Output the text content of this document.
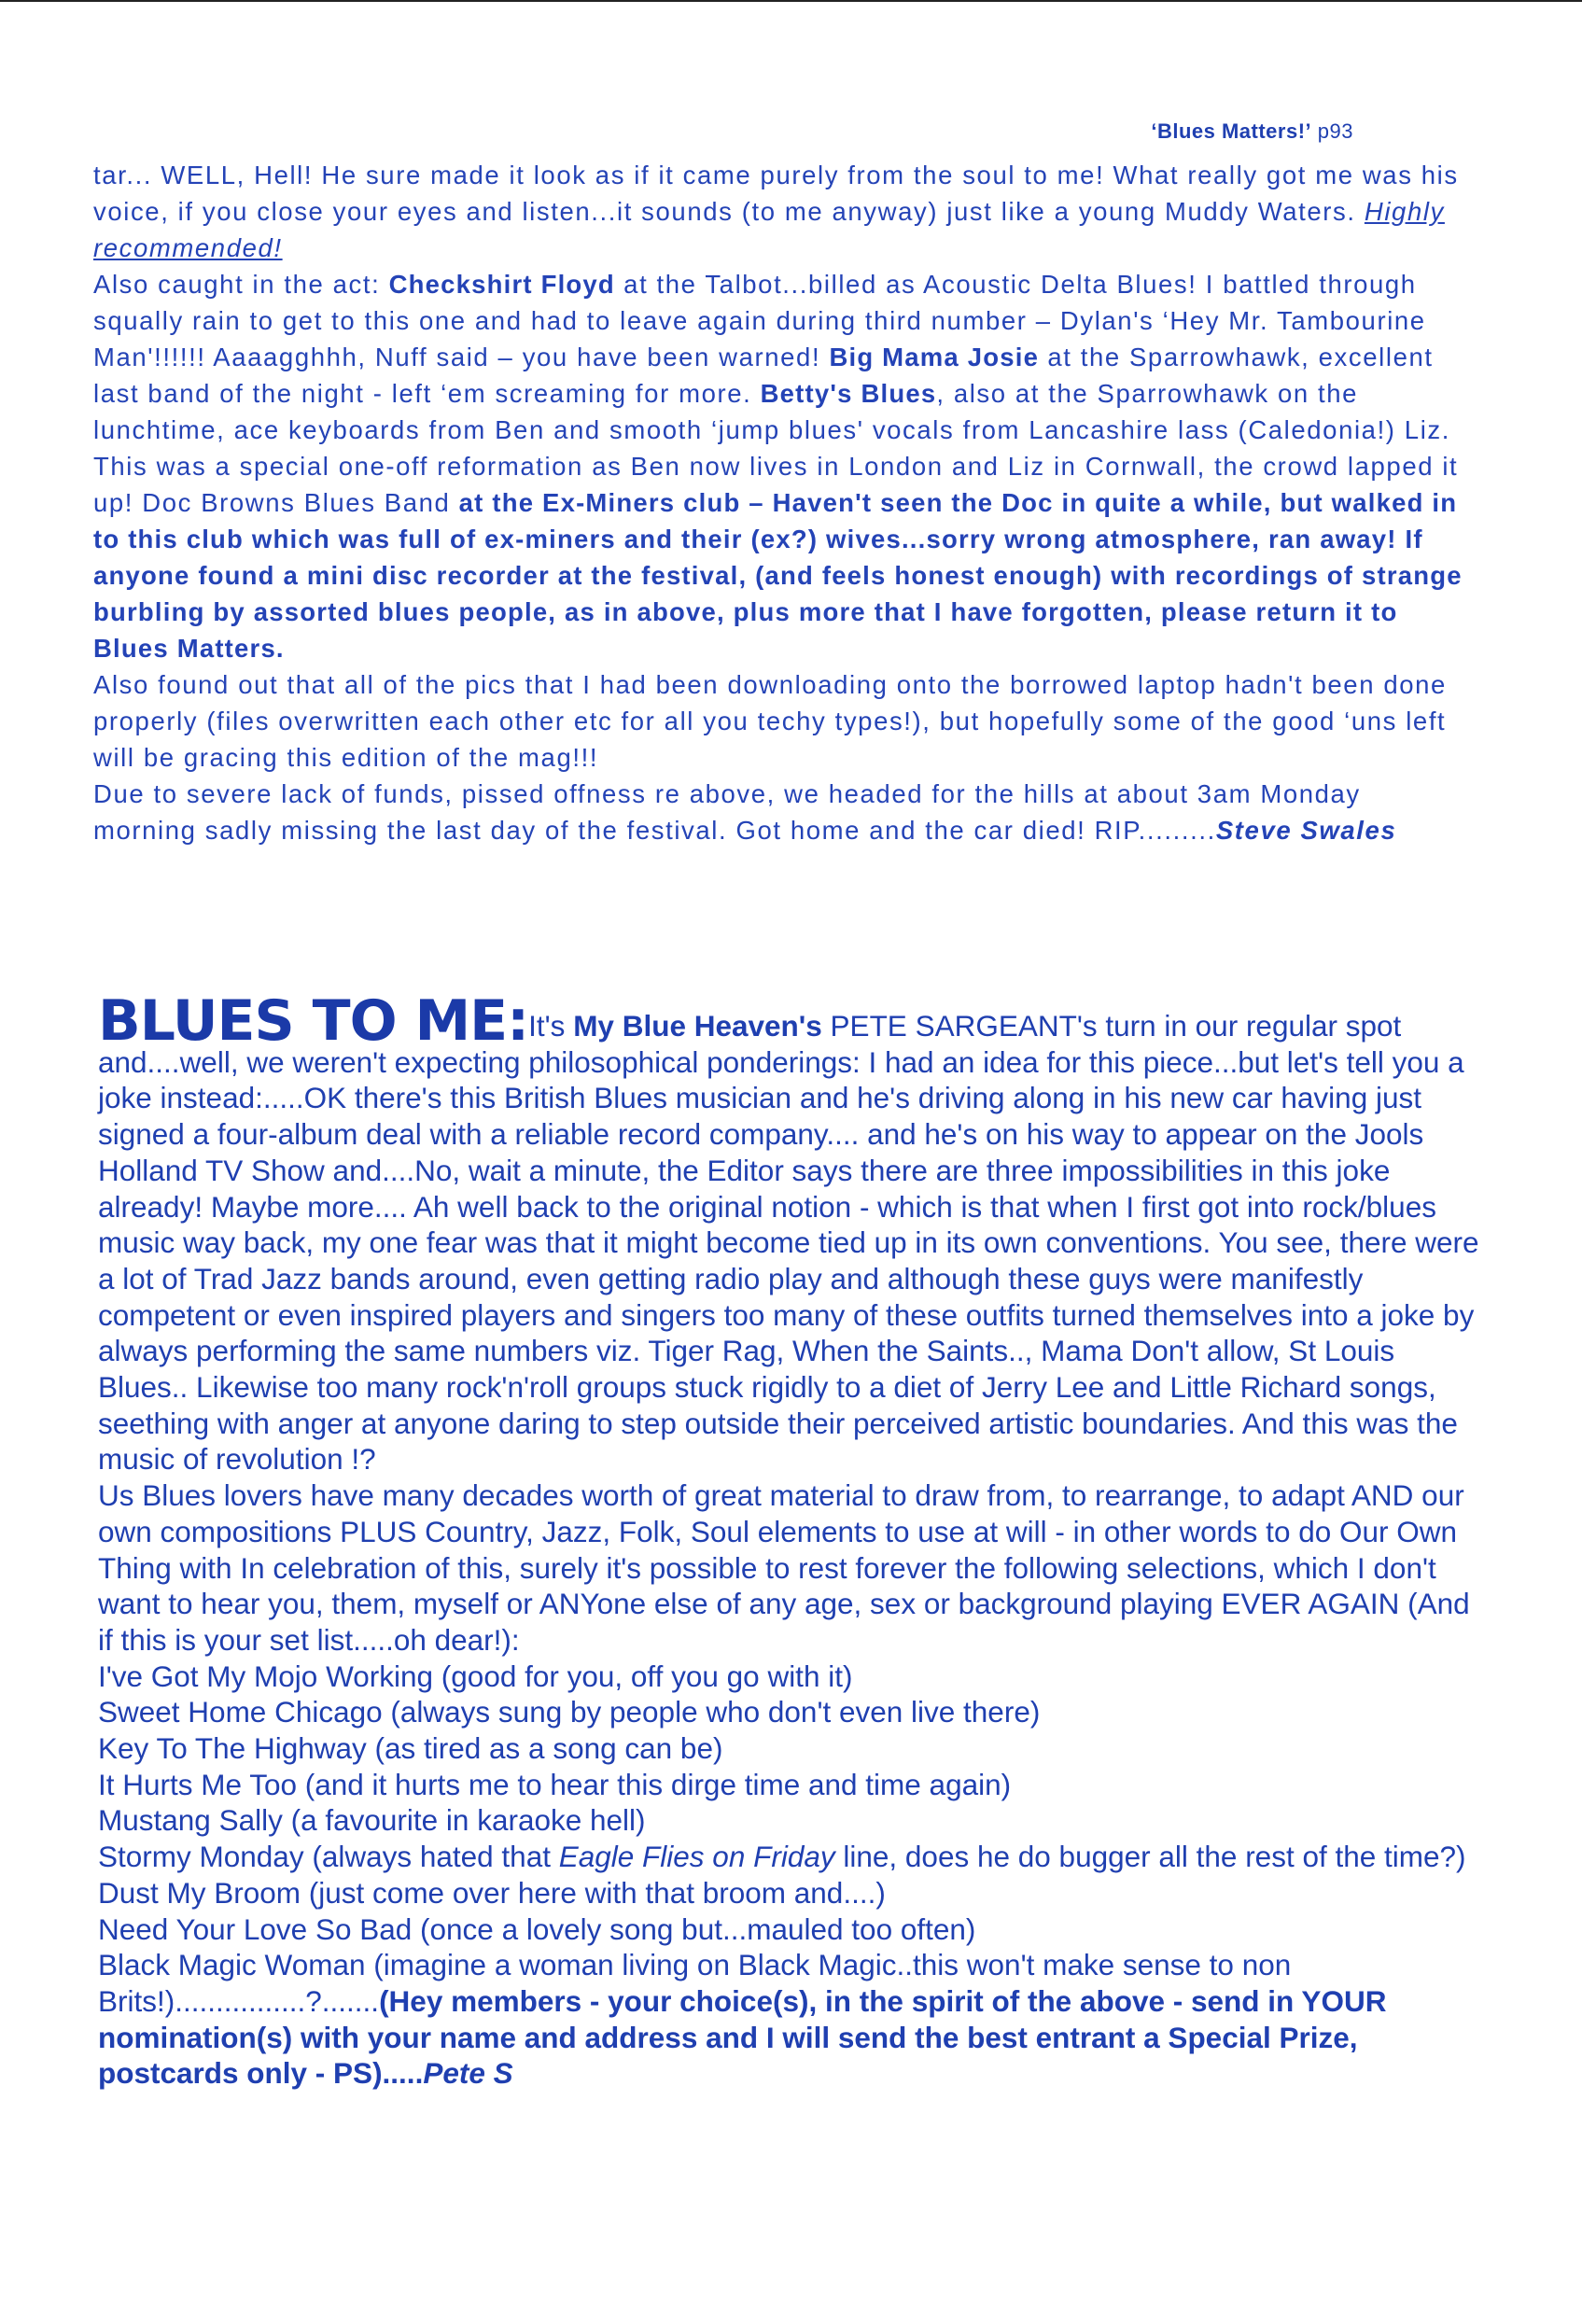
‘Blues Matters!’ p93

tar... WELL, Hell! He sure made it look as if it came purely from the soul to me! What really got me was his voice, if you close your eyes and listen...it sounds (to me anyway) just like a young Muddy Waters. Highly recommended!

Also caught in the act: Checkshirt Floyd at the Talbot...billed as Acoustic Delta Blues! I battled through squally rain to get to this one and had to leave again during third number – Dylan's ‘Hey Mr. Tambourine Man'!!!!!! Aaaagghhh, Nuff said – you have been warned! Big Mama Josie at the Sparrowhawk, excellent last band of the night - left ‘em screaming for more. Betty's Blues, also at the Sparrowhawk on the lunchtime, ace keyboards from Ben and smooth ‘jump blues' vocals from Lancashire lass (Caledonia!) Liz. This was a special one-off reformation as Ben now lives in London and Liz in Cornwall, the crowd lapped it up! Doc Browns Blues Band at the Ex-Miners club – Haven't seen the Doc in quite a while, but walked in to this club which was full of ex-miners and their (ex?) wives...sorry wrong atmosphere, ran away! If anyone found a mini disc recorder at the festival, (and feels honest enough) with recordings of strange burbling by assorted blues people, as in above, plus more that I have forgotten, please return it to Blues Matters.

Also found out that all of the pics that I had been downloading onto the borrowed laptop hadn't been done properly (files overwritten each other etc for all you techy types!), but hopefully some of the good ‘uns left will be gracing this edition of the mag!!!

Due to severe lack of funds, pissed offness re above, we headed for the hills at about 3am Monday morning sadly missing the last day of the festival. Got home and the car died! RIP.........Steve Swales

BLUES TO ME:It's My Blue Heaven's PETE SARGEANT's turn in our regular spot and....well, we weren't expecting philosophical ponderings: I had an idea for this piece...but let's tell you a joke instead:.....OK there's this British Blues musician and he's driving along in his new car having just signed a four-album deal with a reliable record company.... and he's on his way to appear on the Jools Holland TV Show and....No, wait a minute, the Editor says there are three impossibilities in this joke already! Maybe more.... Ah well back to the original notion - which is that when I first got into rock/blues music way back, my one fear was that it might become tied up in its own conventions. You see, there were a lot of Trad Jazz bands around, even getting radio play and although these guys were manifestly competent or even inspired players and singers too many of these outfits turned themselves into a joke by always performing the same numbers viz. Tiger Rag, When the Saints.., Mama Don't allow, St Louis Blues.. Likewise too many rock'n'roll groups stuck rigidly to a diet of Jerry Lee and Little Richard songs, seething with anger at anyone daring to step outside their perceived artistic boundaries. And this was the music of revolution !?

Us Blues lovers have many decades worth of great material to draw from, to rearrange, to adapt AND our own compositions PLUS Country, Jazz, Folk, Soul elements to use at will - in other words to do Our Own Thing with In celebration of this, surely it's possible to rest forever the following selections, which I don't want to hear you, them, myself or ANYone else of any age, sex or background playing EVER AGAIN (And if this is your set list.....oh dear!):

I've Got My Mojo Working (good for you, off you go with it)

Sweet Home Chicago (always sung by people who don't even live there)

Key To The Highway (as tired as a song can be)

It Hurts Me Too (and it hurts me to hear this dirge time and time again)

Mustang Sally (a favourite in karaoke hell)

Stormy Monday (always hated that Eagle Flies on Friday line, does he do bugger all the rest of the time?)

Dust My Broom (just come over here with that broom and....)

Need Your Love So Bad (once a lovely song but...mauled too often)

Black Magic Woman (imagine a woman living on Black Magic..this won't make sense to non Brits!)................?.......(Hey members - your choice(s), in the spirit of the above - send in YOUR nomination(s) with your name and address and I will send the best entrant a Special Prize, postcards only - PS).....Pete S
